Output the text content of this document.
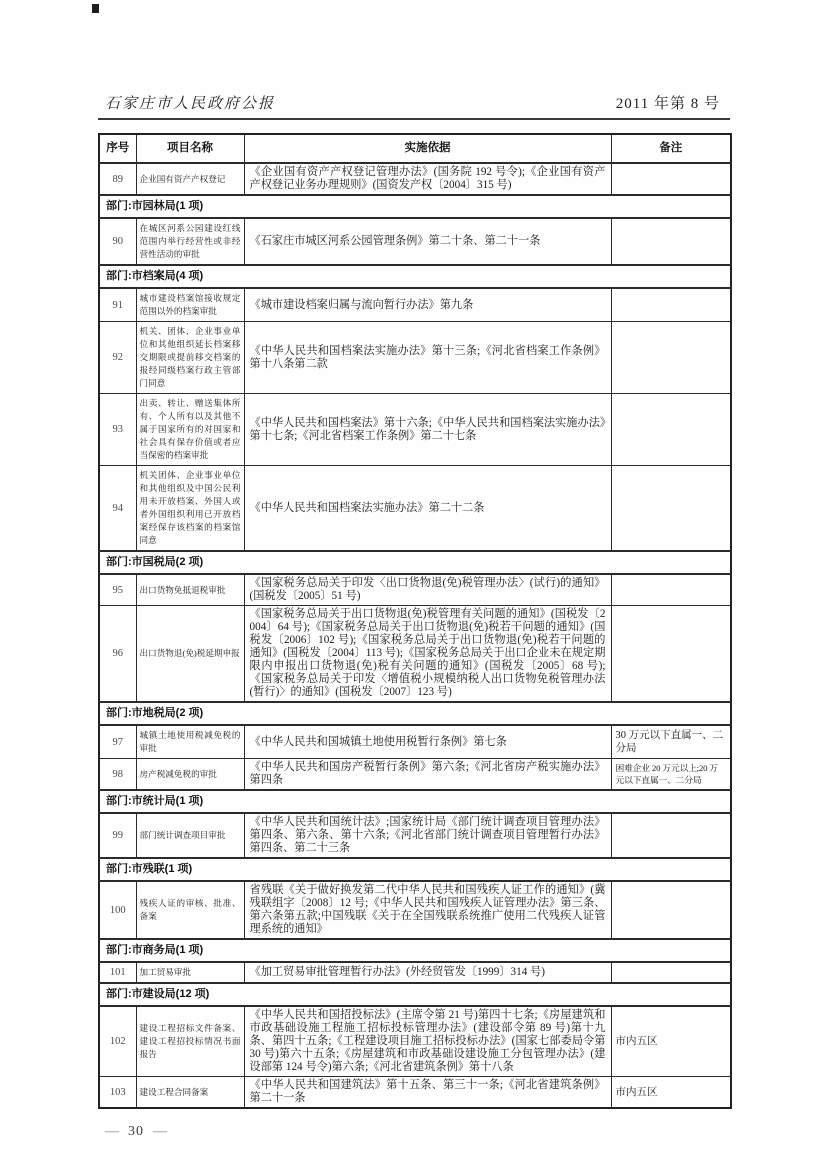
石家庄市人民政府公报	2011 年第 8 号
序号	项目名称	实施依据	备注
89	企业国有资产产权登记	《企业国有资产产权登记管理办法》(国务院 192 号令);《企业国有资产产权登记业务办理规则》(国资发产权〔2004〕315 号)	
部门:市园林局(1 项)			
90	在城区河系公园建设红线范围内举行经营性或非经营性活动的审批	《石家庄市城区河系公园管理条例》第二十条、第二十一条	
部门:市档案局(4 项)			
91	城市建设档案馆接收规定范围以外的档案审批	《城市建设档案归属与流向暂行办法》第九条	
92	机关、团体、企业事业单位和其他组织延长档案移交期限或提前移交档案的报经同级档案行政主管部门同意	《中华人民共和国档案法实施办法》第十三条;《河北省档案工作条例》第十八条第二款	
93	出卖、转让、赠送集体所有、个人所有以及其他不属于国家所有的对国家和社会具有保存价值或者应当保密的档案审批	《中华人民共和国档案法》第十六条;《中华人民共和国档案法实施办法》第十七条;《河北省档案工作条例》第二十七条	
94	机关团体、企业事业单位和其他组织及中国公民利用未开放档案、外国人或者外国组织利用已开放档案经保存该档案的档案馆同意	《中华人民共和国档案法实施办法》第二十二条	
部门:市国税局(2 项)			
95	出口货物免抵退税审批	《国家税务总局关于印发〈出口货物退(免)税管理办法〉(试行)的通知》(国税发〔2005〕51 号)	
96	出口货物退(免)税延期申报	《国家税务总局关于出口货物退(免)税管理有关问题的通知》(国税发〔2004〕64 号);《国家税务总局关于出口货物退(免)税若干问题的通知》(国税发〔2006〕102 号);《国家税务总局关于出口货物退(免)税若干问题的通知》(国税发〔2004〕113 号);《国家税务总局关于出口企业未在规定期限内申报出口货物退(免)税有关问题的通知》(国税发〔2005〕68 号);《国家税务总局关于印发〈增值税小规模纳税人出口货物免税管理办法(暂行)〉的通知》(国税发〔2007〕123 号)	
部门:市地税局(2 项)			
97	城镇土地使用税减免税的审批	《中华人民共和国城镇土地使用税暂行条例》第七条	30 万元以下直属一、二分局
98	房产税减免税的审批	《中华人民共和国房产税暂行条例》第六条;《河北省房产税实施办法》第四条	困难企业 20 万元以上;20 万元以下直属一、二分局
部门:市统计局(1 项)			
99	部门统计调查项目审批	《中华人民共和国统计法》;国家统计局《部门统计调查项目管理办法》第四条、第六条、第十六条;《河北省部门统计调查项目管理暂行办法》第四条、第二十三条	
部门:市残联(1 项)			
100	残疾人证的审核、批准、备案	省残联《关于做好换发第二代中华人民共和国残疾人证工作的通知》(冀残联组字〔2008〕12 号;《中华人民共和国残疾人证管理办法》第三条、第六条第五款;中国残联《关于在全国残联系统推广使用二代残疾人证管理系统的通知》	
部门:市商务局(1 项)			
101	加工贸易审批	《加工贸易审批管理暂行办法》(外经贸管发〔1999〕314 号)	
部门:市建设局(12 项)			
102	建设工程招标文件备案、建设工程招投标情况书面报告	《中华人民共和国招投标法》(主席令第 21 号)第四十七条;《房屋建筑和市政基础设施工程施工招标投标管理办法》(建设部令第 89 号)第十九条、第四十五条;《工程建设项目施工招标投标办法》(国家七部委局令第 30 号)第六十五条;《房屋建筑和市政基础设建设施工分包管理办法》(建设部第 124 号令)第六条;《河北省建筑条例》第十八条	市内五区
103	建设工程合同备案	《中华人民共和国建筑法》第十五条、第三十一条;《河北省建筑条例》第二十一条	市内五区
— 30 —
